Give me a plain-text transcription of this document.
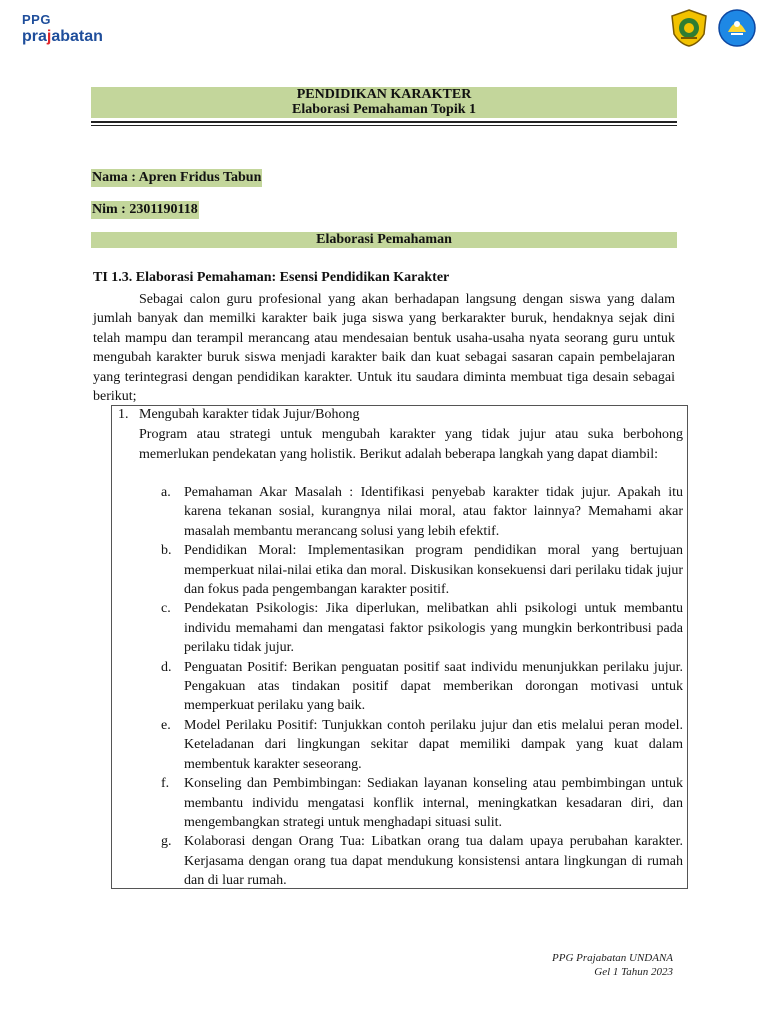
PPG
prajabatan
PENDIDIKAN KARAKTER
Elaborasi Pemahaman Topik 1
Nama : Apren Fridus Tabun
Nim : 2301190118
Elaborasi Pemahaman
TI 1.3. Elaborasi Pemahaman: Esensi Pendidikan Karakter

Sebagai calon guru profesional yang akan berhadapan langsung dengan siswa yang dalam jumlah banyak dan memilki karakter baik juga siswa yang berkarakter buruk, hendaknya sejak dini telah mampu dan terampil merancang atau mendesaian bentuk usaha-usaha nyata seorang guru untuk mengubah karakter buruk siswa menjadi karakter baik dan kuat sebagai sasaran capain pembelajaran yang terintegrasi dengan pendidikan karakter. Untuk itu saudara diminta membuat tiga desain sebagai berikut;

1. Mengubah karakter tidak Jujur/Bohong

Program atau strategi untuk mengubah karakter yang tidak jujur atau suka berbohong memerlukan pendekatan yang holistik. Berikut adalah beberapa langkah yang dapat diambil:

a. Pemahaman Akar Masalah : Identifikasi penyebab karakter tidak jujur. Apakah itu karena tekanan sosial, kurangnya nilai moral, atau faktor lainnya? Memahami akar masalah membantu merancang solusi yang lebih efektif.
b. Pendidikan Moral: Implementasikan program pendidikan moral yang bertujuan memperkuat nilai-nilai etika dan moral. Diskusikan konsekuensi dari perilaku tidak jujur dan fokus pada pengembangan karakter positif.
c. Pendekatan Psikologis: Jika diperlukan, melibatkan ahli psikologi untuk membantu individu memahami dan mengatasi faktor psikologis yang mungkin berkontribusi pada perilaku tidak jujur.
d. Penguatan Positif: Berikan penguatan positif saat individu menunjukkan perilaku jujur. Pengakuan atas tindakan positif dapat memberikan dorongan motivasi untuk memperkuat perilaku yang baik.
e. Model Perilaku Positif: Tunjukkan contoh perilaku jujur dan etis melalui peran model. Keteladanan dari lingkungan sekitar dapat memiliki dampak yang kuat dalam membentuk karakter seseorang.
f. Konseling dan Pembimbingan: Sediakan layanan konseling atau pembimbingan untuk membantu individu mengatasi konflik internal, meningkatkan kesadaran diri, dan mengembangkan strategi untuk menghadapi situasi sulit.
g. Kolaborasi dengan Orang Tua: Libatkan orang tua dalam upaya perubahan karakter. Kerjasama dengan orang tua dapat mendukung konsistensi antara lingkungan di rumah dan di luar rumah.
PPG Prajabatan UNDANA
Gel 1 Tahun 2023
